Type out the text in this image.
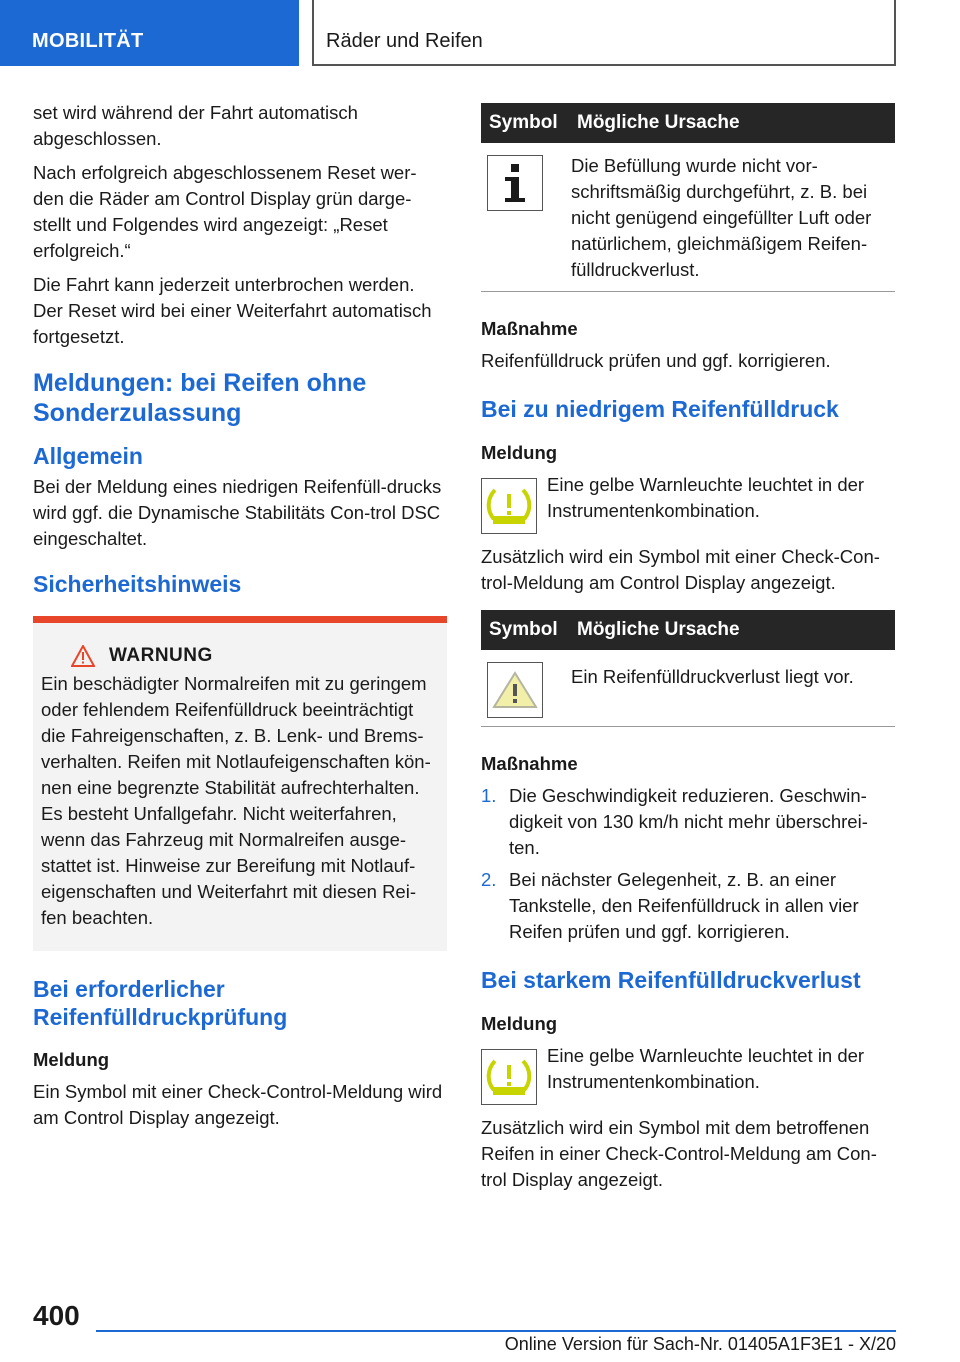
MOBILITÄT	Räder und Reifen

set wird während der Fahrt automatisch abgeschlossen.

Nach erfolgreich abgeschlossenem Reset wer-den die Räder am Control Display grün darge-stellt und Folgendes wird angezeigt: „Reset erfolgreich.“

Die Fahrt kann jederzeit unterbrochen werden. Der Reset wird bei einer Weiterfahrt automatisch fortgesetzt.

Meldungen: bei Reifen ohne Sonderzulassung
Allgemein

Bei der Meldung eines niedrigen Reifenfüll-drucks wird ggf. die Dynamische Stabilitäts Con-trol DSC eingeschaltet.

Sicherheitshinweis
WARNUNG

Ein beschädigter Normalreifen mit zu geringem oder fehlendem Reifenfülldruck beeinträchtigt die Fahreigenschaften, z. B. Lenk- und Brems-verhalten. Reifen mit Notlaufeigenschaften kön-nen eine begrenzte Stabilität aufrechterhalten. Es besteht Unfallgefahr. Nicht weiterfahren, wenn das Fahrzeug mit Normalreifen ausge-stattet ist. Hinweise zur Bereifung mit Notlauf-eigenschaften und Weiterfahrt mit diesen Rei-fen beachten.

Bei erforderlicher Reifenfülldruckprüfung
Meldung

Ein Symbol mit einer Check-Control-Meldung wird am Control Display angezeigt.

Symbol	Mögliche Ursache

	Die Befüllung wurde nicht vor-schriftsmäßig durchgeführt, z. B. bei nicht genügend eingefüllter Luft oder natürlichem, gleichmäßigem Reifen-fülldruckverlust.
Maßnahme

Reifenfülldruck prüfen und ggf. korrigieren.

Bei zu niedrigem Reifenfülldruck
Meldung

Eine gelbe Warnleuchte leuchtet in der Instrumentenkombination.

Zusätzlich wird ein Symbol mit einer Check-Con-trol-Meldung am Control Display angezeigt.

Symbol	Mögliche Ursache

	Ein Reifenfülldruckverlust liegt vor.
Maßnahme
1. Die Geschwindigkeit reduzieren. Geschwin-digkeit von 130 km/h nicht mehr überschrei-ten.
2. Bei nächster Gelegenheit, z. B. an einer Tankstelle, den Reifenfülldruck in allen vier Reifen prüfen und ggf. korrigieren.
Bei starkem Reifenfülldruckverlust
Meldung

Eine gelbe Warnleuchte leuchtet in der Instrumentenkombination.

Zusätzlich wird ein Symbol mit dem betroffenen Reifen in einer Check-Control-Meldung am Con-trol Display angezeigt.

400
Online Version für Sach-Nr. 01405A1F3E1 - X/20
